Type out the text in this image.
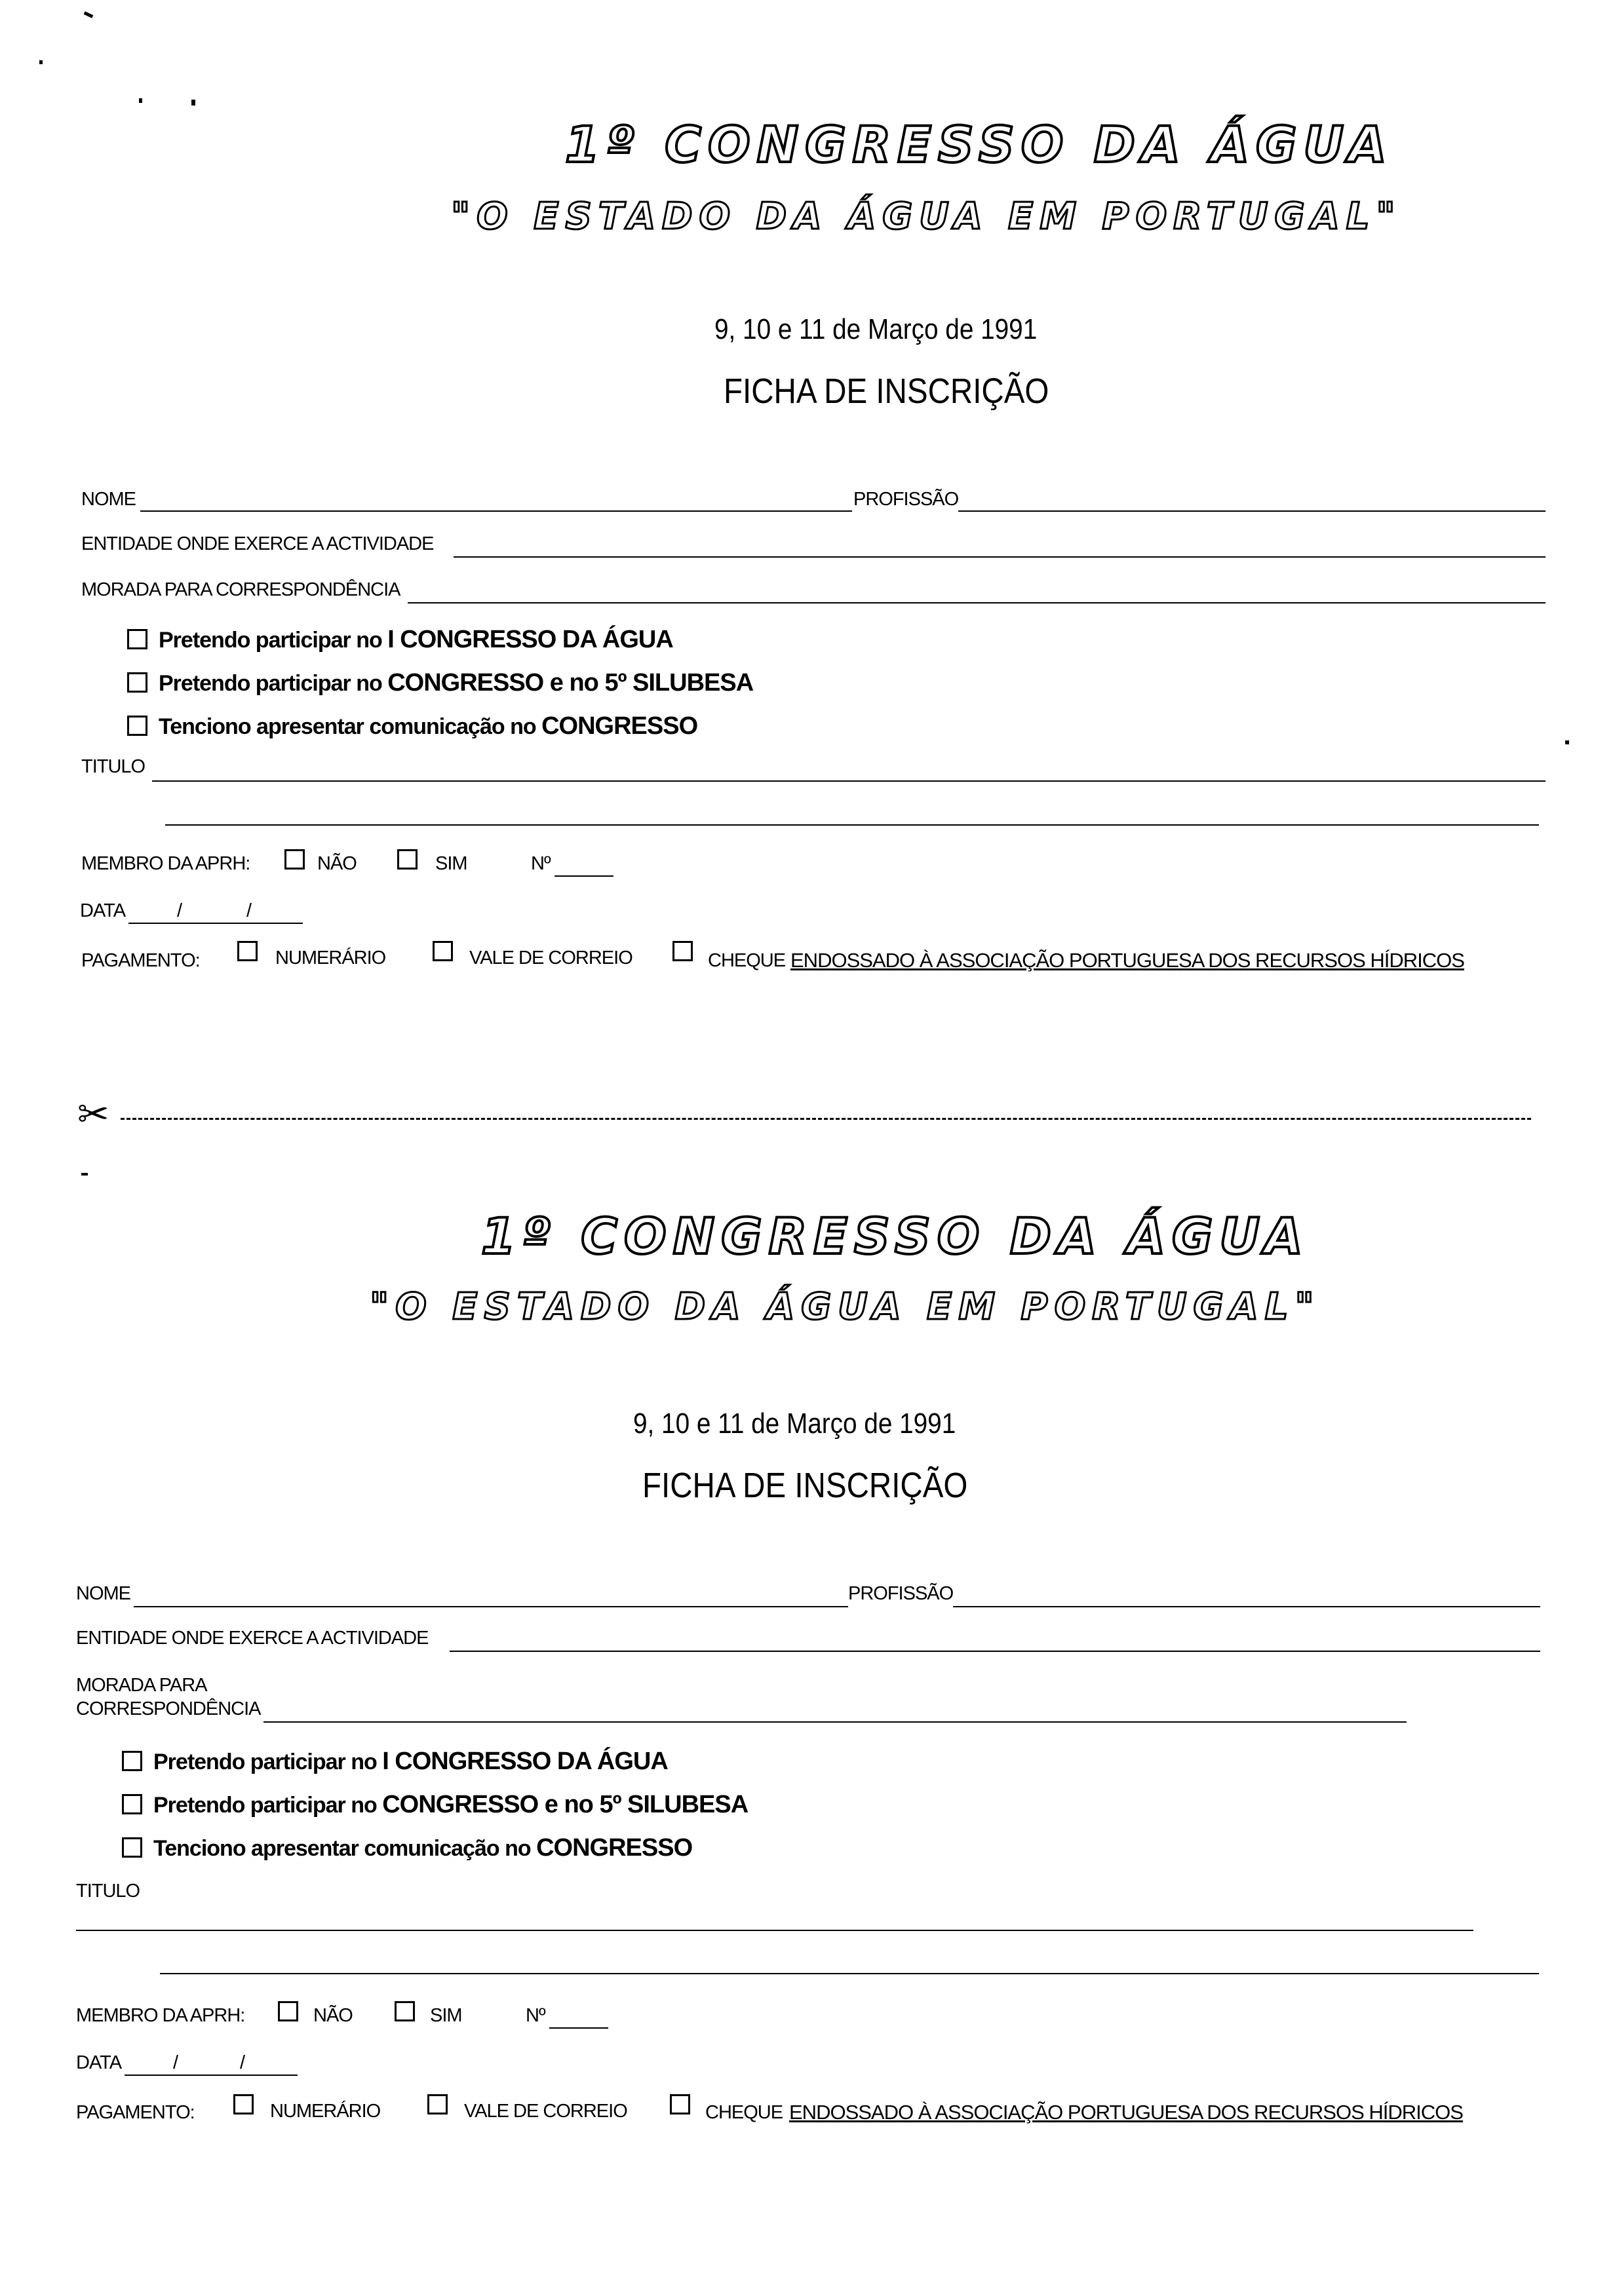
1º CONGRESSO DA ÁGUA
"O ESTADO DA ÁGUA EM PORTUGAL"
9, 10 e 11 de Março de 1991
FICHA DE INSCRIÇÃO
NOME	PROFISSÃO
ENTIDADE ONDE EXERCE A ACTIVIDADE
MORADA PARA CORRESPONDÊNCIA
Pretendo participar no I CONGRESSO DA ÁGUA
Pretendo participar no CONGRESSO e no 5º SILUBESA
Tenciono apresentar comunicação no CONGRESSO
TITULO
MEMBRO DA APRH:	NÃO	SIM	Nº
DATA	/	/
PAGAMENTO:	NUMERÁRIO	VALE DE CORREIO	CHEQUE ENDOSSADO À ASSOCIAÇÃO PORTUGUESA DOS RECURSOS HÍDRICOS
✂
1º CONGRESSO DA ÁGUA
"O ESTADO DA ÁGUA EM PORTUGAL"
9, 10 e 11 de Março de 1991
FICHA DE INSCRIÇÃO
NOME	PROFISSÃO
ENTIDADE ONDE EXERCE A ACTIVIDADE
MORADA PARA
CORRESPONDÊNCIA
Pretendo participar no I CONGRESSO DA ÁGUA
Pretendo participar no CONGRESSO e no 5º SILUBESA
Tenciono apresentar comunicação no CONGRESSO
TITULO
MEMBRO DA APRH:	NÃO	SIM	Nº
DATA	/	/
PAGAMENTO:	NUMERÁRIO	VALE DE CORREIO	CHEQUE ENDOSSADO À ASSOCIAÇÃO PORTUGUESA DOS RECURSOS HÍDRICOS
